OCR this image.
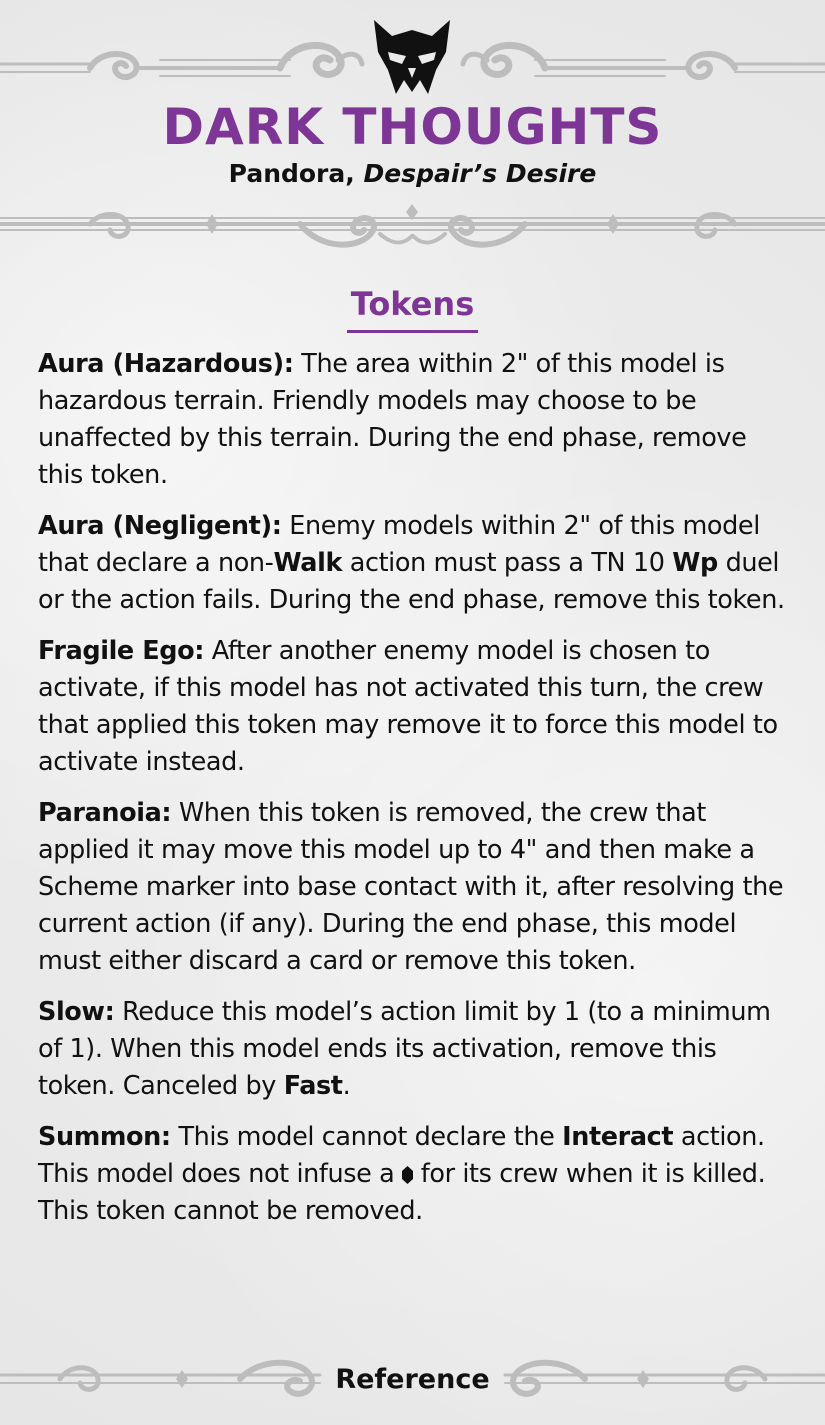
DARK THOUGHTS
Pandora, Despair’s Desire
Tokens

Aura (Hazardous): The area within 2" of this model is hazardous terrain. Friendly models may choose to be unaffected by this terrain. During the end phase, remove this token.

Aura (Negligent): Enemy models within 2" of this model that declare a non-Walk action must pass a TN 10 Wp duel or the action fails. During the end phase, remove this token.

Fragile Ego: After another enemy model is chosen to activate, if this model has not activated this turn, the crew that applied this token may remove it to force this model to activate instead.

Paranoia: When this token is removed, the crew that applied it may move this model up to 4" and then make a Scheme marker into base contact with it, after resolving the current action (if any). During the end phase, this model must either discard a card or remove this token.

Slow: Reduce this model’s action limit by 1 (to a minimum of 1). When this model ends its activation, remove this token. Canceled by Fast.

Summon: This model cannot declare the Interact action. This model does not infuse a for its crew when it is killed. This token cannot be removed.

Reference
